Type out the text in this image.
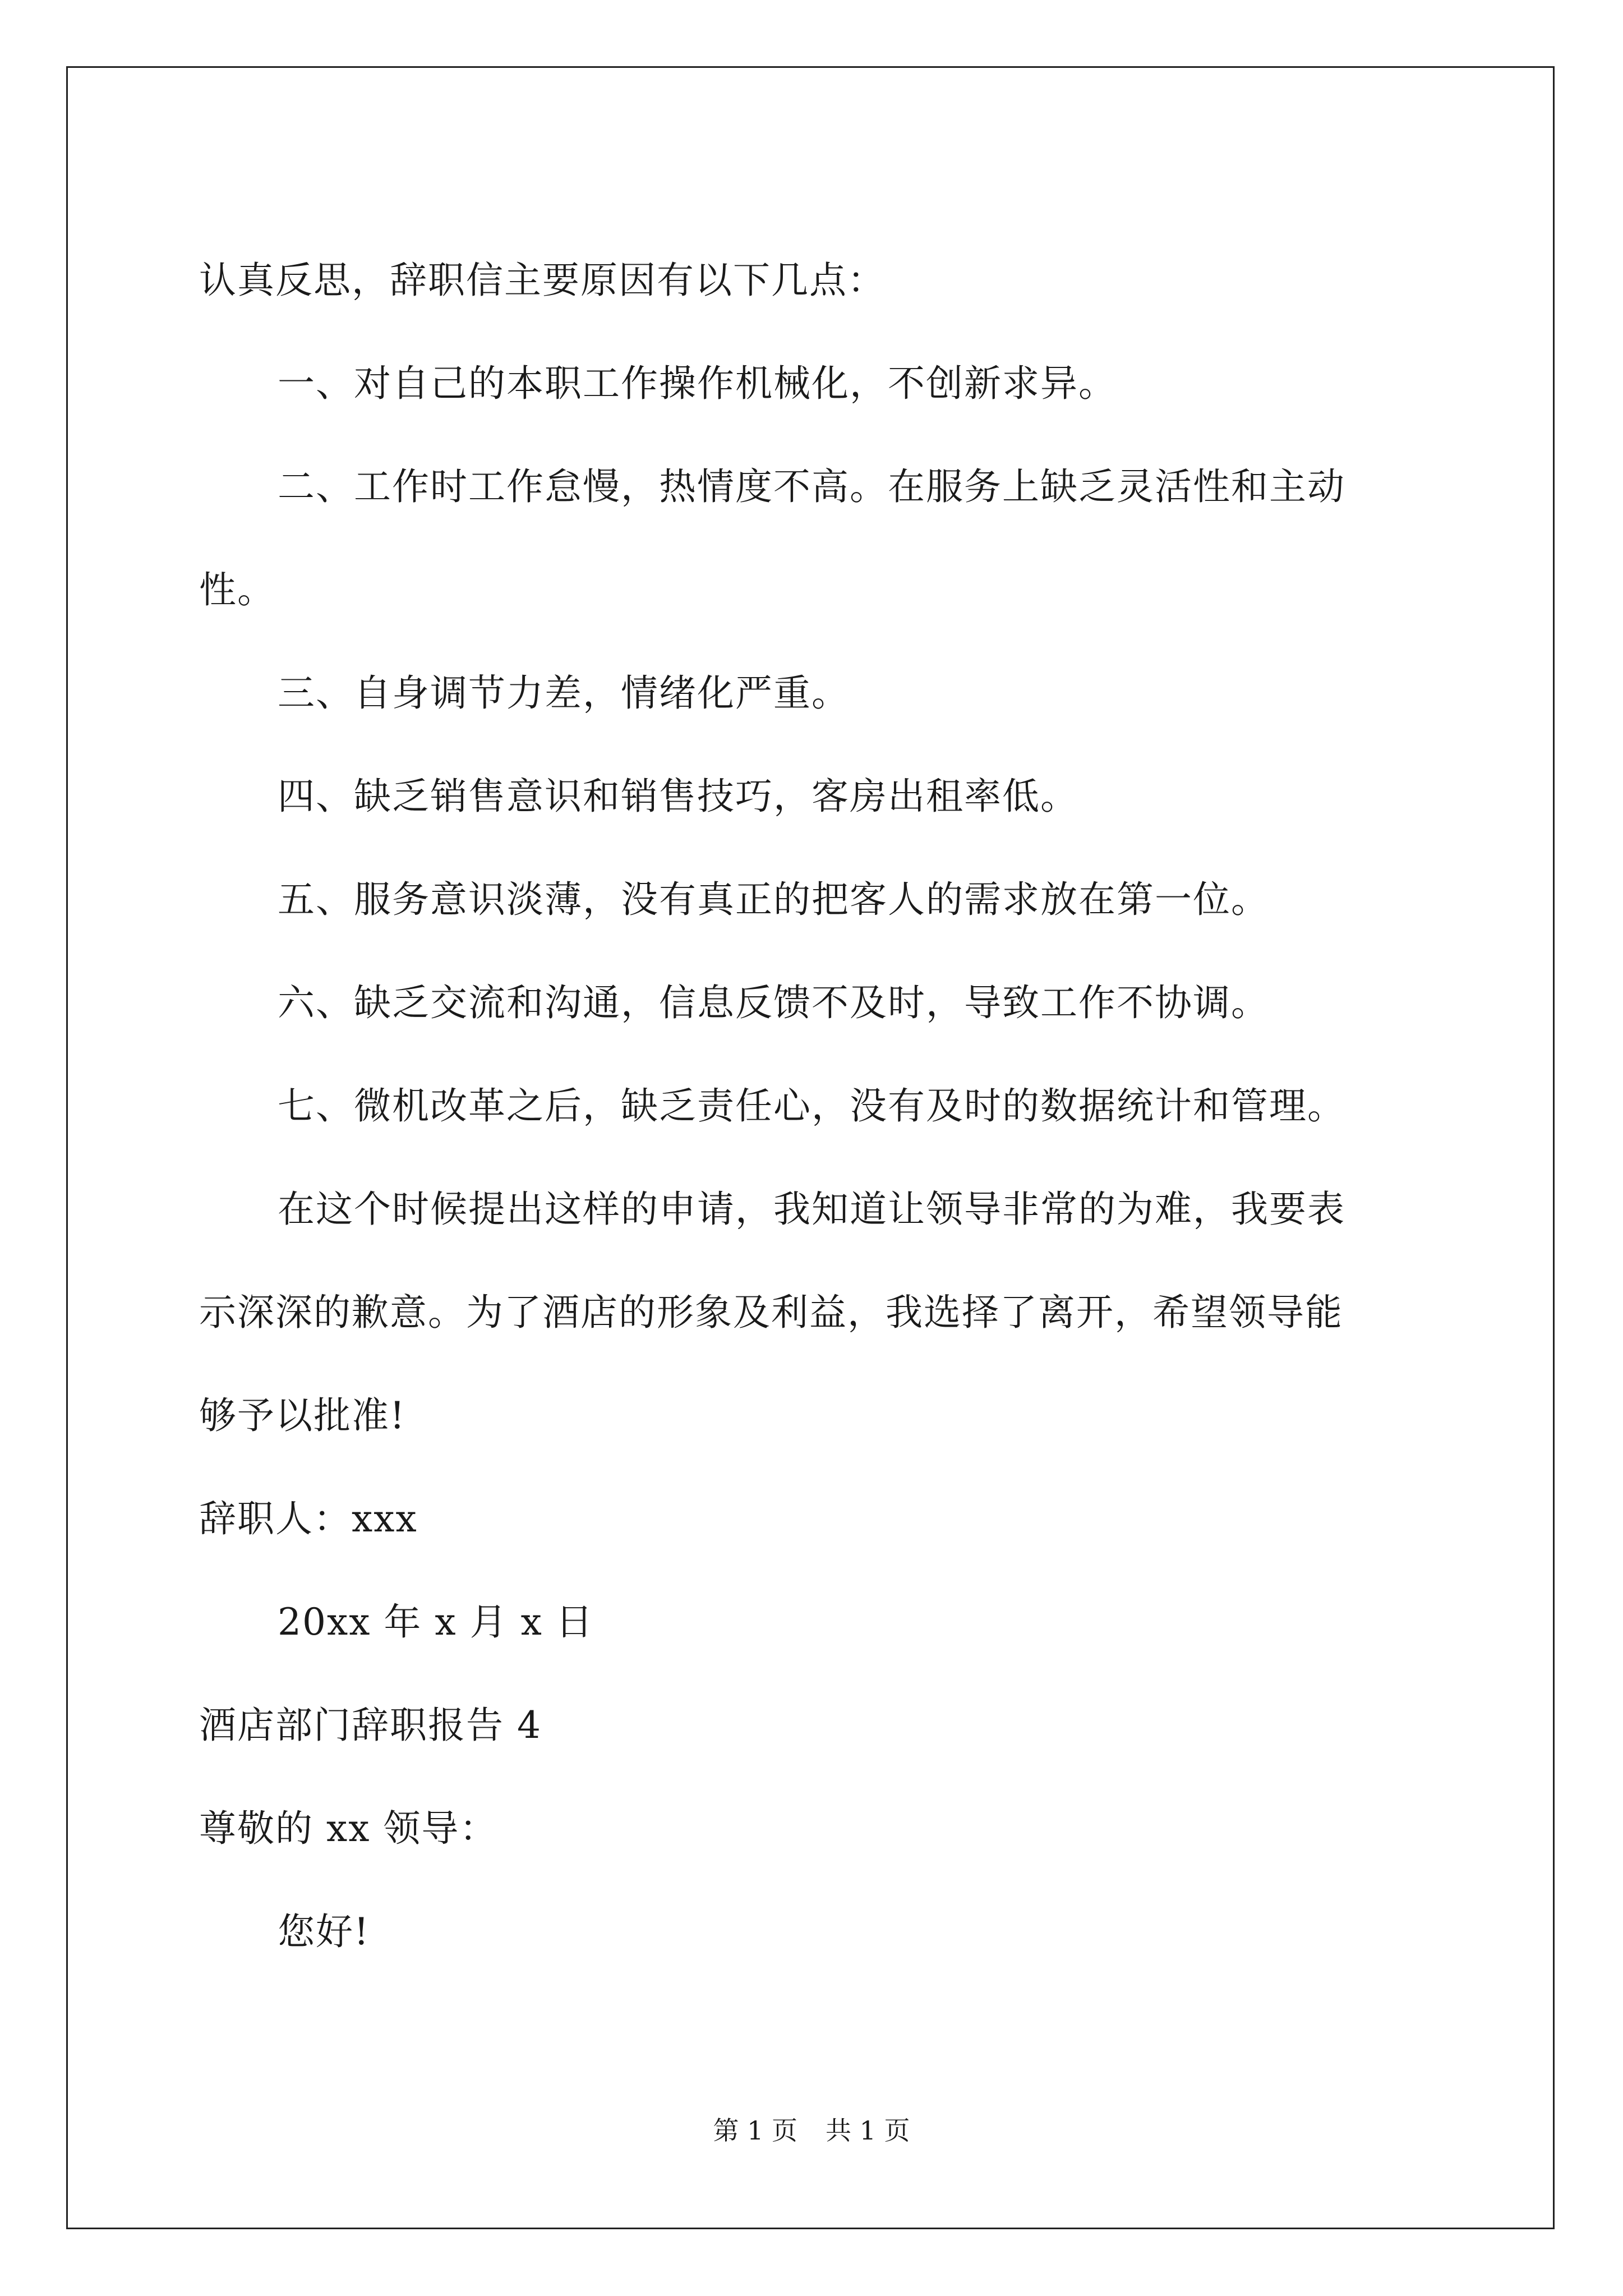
认真反思，辞职信主要原因有以下几点：

一、对自己的本职工作操作机械化，不创新求异。

二、工作时工作怠慢，热情度不高。在服务上缺乏灵活性和主动

性。

三、自身调节力差，情绪化严重。

四、缺乏销售意识和销售技巧，客房出租率低。

五、服务意识淡薄，没有真正的把客人的需求放在第一位。

六、缺乏交流和沟通，信息反馈不及时，导致工作不协调。

七、微机改革之后，缺乏责任心，没有及时的数据统计和管理。

在这个时候提出这样的申请，我知道让领导非常的为难，我要表

示深深的歉意。为了酒店的形象及利益，我选择了离开，希望领导能

够予以批准!

辞职人：xxx

20xx 年 x 月 x 日

酒店部门辞职报告 4

尊敬的 xx 领导：

您好!

第 1 页 共 1 页
